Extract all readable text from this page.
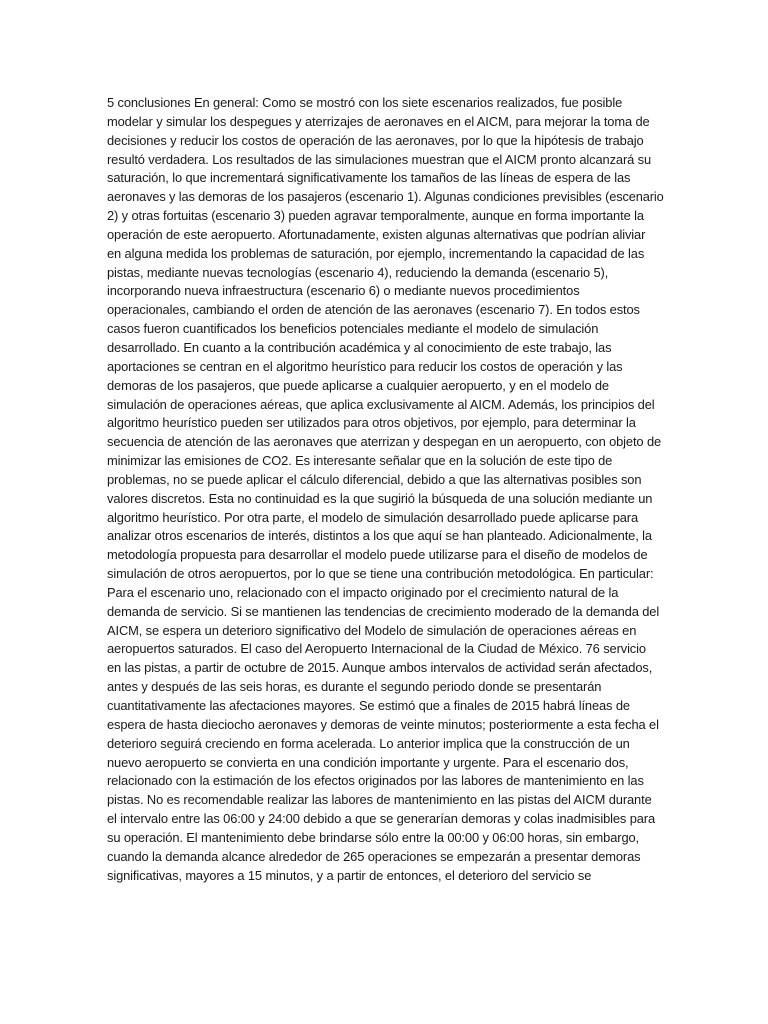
5 conclusiones En general: Como se mostró con los siete escenarios realizados, fue posible
modelar y simular los despegues y aterrizajes de aeronaves en el AICM, para mejorar la toma de
decisiones y reducir los costos de operación de las aeronaves, por lo que la hipótesis de trabajo
resultó verdadera. Los resultados de las simulaciones muestran que el AICM pronto alcanzará su
saturación, lo que incrementará significativamente los tamaños de las líneas de espera de las
aeronaves y las demoras de los pasajeros (escenario 1). Algunas condiciones previsibles (escenario
2) y otras fortuitas (escenario 3) pueden agravar temporalmente, aunque en forma importante la
operación de este aeropuerto. Afortunadamente, existen algunas alternativas que podrían aliviar
en alguna medida los problemas de saturación, por ejemplo, incrementando la capacidad de las
pistas, mediante nuevas tecnologías (escenario 4), reduciendo la demanda (escenario 5),
incorporando nueva infraestructura (escenario 6) o mediante nuevos procedimientos
operacionales, cambiando el orden de atención de las aeronaves (escenario 7). En todos estos
casos fueron cuantificados los beneficios potenciales mediante el modelo de simulación
desarrollado. En cuanto a la contribución académica y al conocimiento de este trabajo, las
aportaciones se centran en el algoritmo heurístico para reducir los costos de operación y las
demoras de los pasajeros, que puede aplicarse a cualquier aeropuerto, y en el modelo de
simulación de operaciones aéreas, que aplica exclusivamente al AICM. Además, los principios del
algoritmo heurístico pueden ser utilizados para otros objetivos, por ejemplo, para determinar la
secuencia de atención de las aeronaves que aterrizan y despegan en un aeropuerto, con objeto de
minimizar las emisiones de CO2. Es interesante señalar que en la solución de este tipo de
problemas, no se puede aplicar el cálculo diferencial, debido a que las alternativas posibles son
valores discretos. Esta no continuidad es la que sugirió la búsqueda de una solución mediante un
algoritmo heurístico. Por otra parte, el modelo de simulación desarrollado puede aplicarse para
analizar otros escenarios de interés, distintos a los que aquí se han planteado. Adicionalmente, la
metodología propuesta para desarrollar el modelo puede utilizarse para el diseño de modelos de
simulación de otros aeropuertos, por lo que se tiene una contribución metodológica. En particular:
Para el escenario uno, relacionado con el impacto originado por el crecimiento natural de la
demanda de servicio. Si se mantienen las tendencias de crecimiento moderado de la demanda del
AICM, se espera un deterioro significativo del Modelo de simulación de operaciones aéreas en
aeropuertos saturados. El caso del Aeropuerto Internacional de la Ciudad de México. 76 servicio
en las pistas, a partir de octubre de 2015. Aunque ambos intervalos de actividad serán afectados,
antes y después de las seis horas, es durante el segundo periodo donde se presentarán
cuantitativamente las afectaciones mayores. Se estimó que a finales de 2015 habrá líneas de
espera de hasta dieciocho aeronaves y demoras de veinte minutos; posteriormente a esta fecha el
deterioro seguirá creciendo en forma acelerada. Lo anterior implica que la construcción de un
nuevo aeropuerto se convierta en una condición importante y urgente. Para el escenario dos,
relacionado con la estimación de los efectos originados por las labores de mantenimiento en las
pistas. No es recomendable realizar las labores de mantenimiento en las pistas del AICM durante
el intervalo entre las 06:00 y 24:00 debido a que se generarían demoras y colas inadmisibles para
su operación. El mantenimiento debe brindarse sólo entre la 00:00 y 06:00 horas, sin embargo,
cuando la demanda alcance alrededor de 265 operaciones se empezarán a presentar demoras
significativas, mayores a 15 minutos, y a partir de entonces, el deterioro del servicio se
